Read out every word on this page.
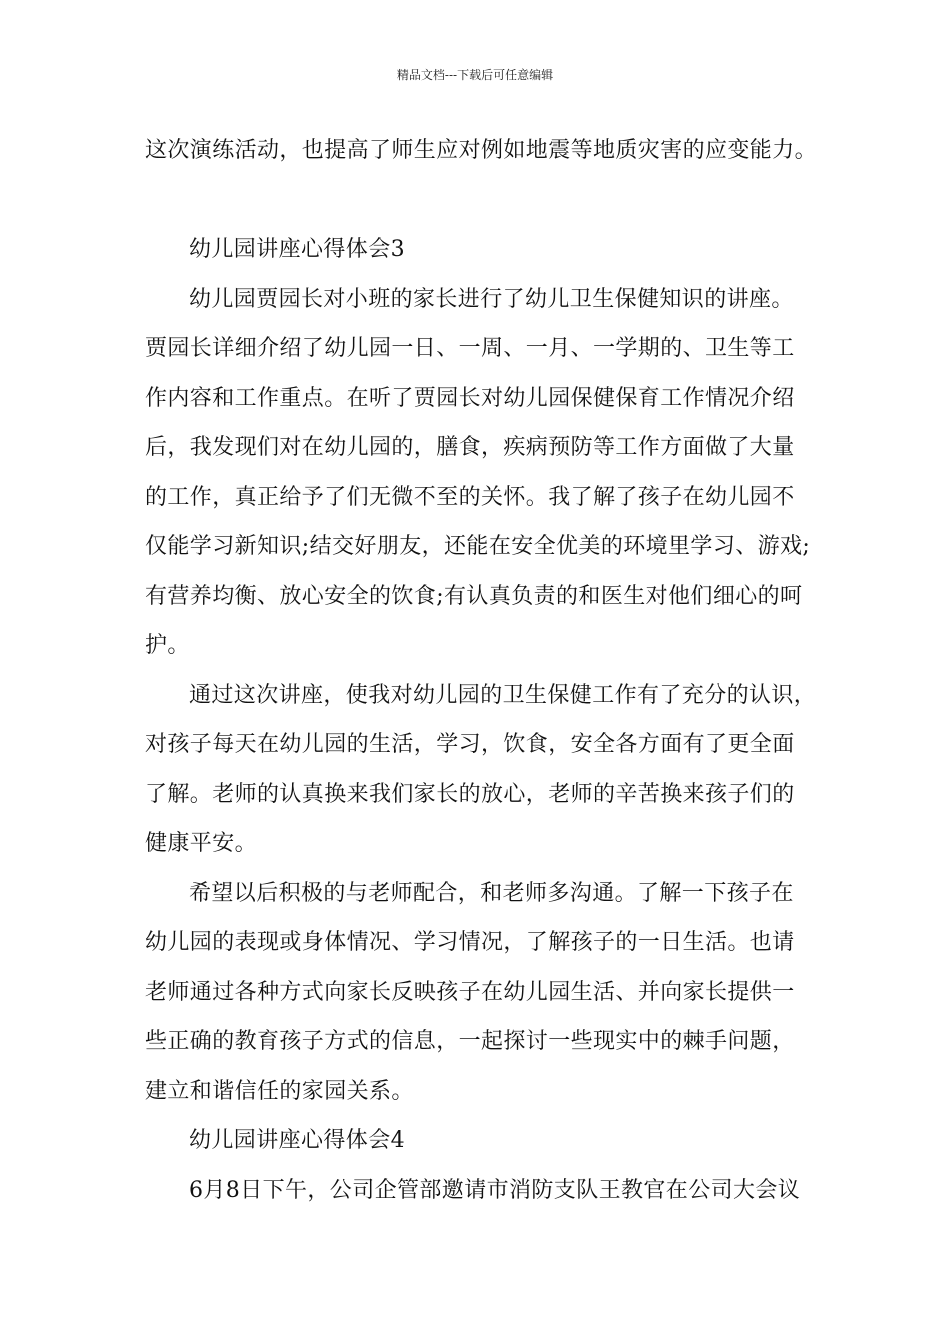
精品文档---下载后可任意编辑
这次演练活动，也提高了师生应对例如地震等地质灾害的应变能力。
幼儿园讲座心得体会3
幼儿园贾园长对小班的家长进行了幼儿卫生保健知识的讲座。
贾园长详细介绍了幼儿园一日、一周、一月、一学期的、卫生等工
作内容和工作重点。在听了贾园长对幼儿园保健保育工作情况介绍
后，我发现们对在幼儿园的，膳食，疾病预防等工作方面做了大量
的工作，真正给予了们无微不至的关怀。我了解了孩子在幼儿园不
仅能学习新知识;结交好朋友，还能在安全优美的环境里学习、游戏;
有营养均衡、放心安全的饮食;有认真负责的和医生对他们细心的呵
护。
通过这次讲座，使我对幼儿园的卫生保健工作有了充分的认识，
对孩子每天在幼儿园的生活，学习，饮食，安全各方面有了更全面
了解。老师的认真换来我们家长的放心，老师的辛苦换来孩子们的
健康平安。
希望以后积极的与老师配合，和老师多沟通。了解一下孩子在
幼儿园的表现或身体情况、学习情况，了解孩子的一日生活。也请
老师通过各种方式向家长反映孩子在幼儿园生活、并向家长提供一
些正确的教育孩子方式的信息，一起探讨一些现实中的棘手问题，
建立和谐信任的家园关系。
幼儿园讲座心得体会4
6月8日下午，公司企管部邀请市消防支队王教官在公司大会议
